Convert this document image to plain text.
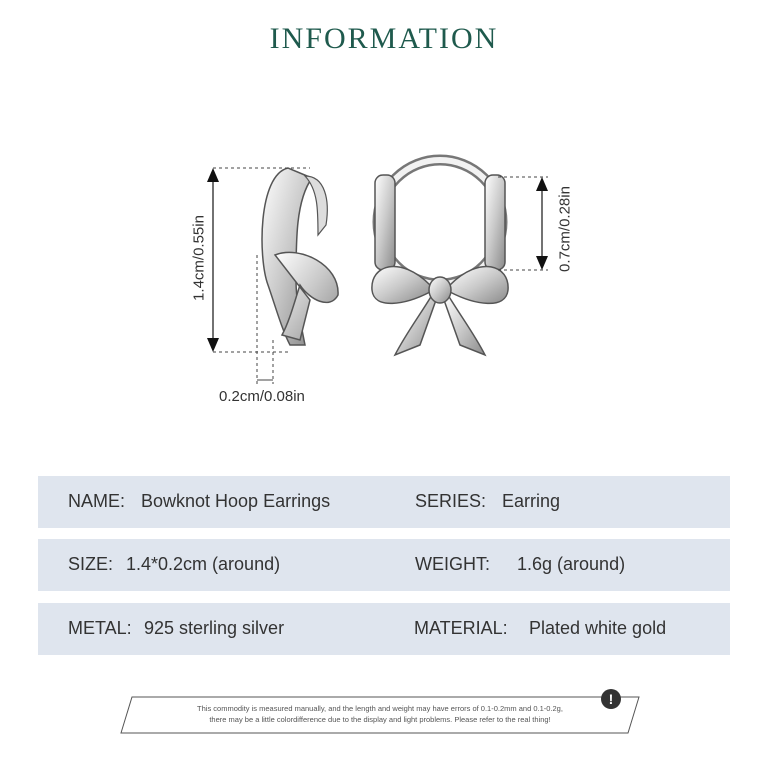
INFORMATION
1.4cm/0.55in	0.7cm/0.28in
0.2cm/0.08in
NAME: Bowknot Hoop Earrings	SERIES: Earring
SIZE: 1.4*0.2cm (around)	WEIGHT: 1.6g (around)
METAL: 925 sterling silver	MATERIAL: Plated white gold
This commodity is measured manually, and the length and weight may have errors of 0.1-0.2mm and 0.1-0.2g,
there may be a little colordifference due to the display and light problems. Please refer to the real thing!
!
